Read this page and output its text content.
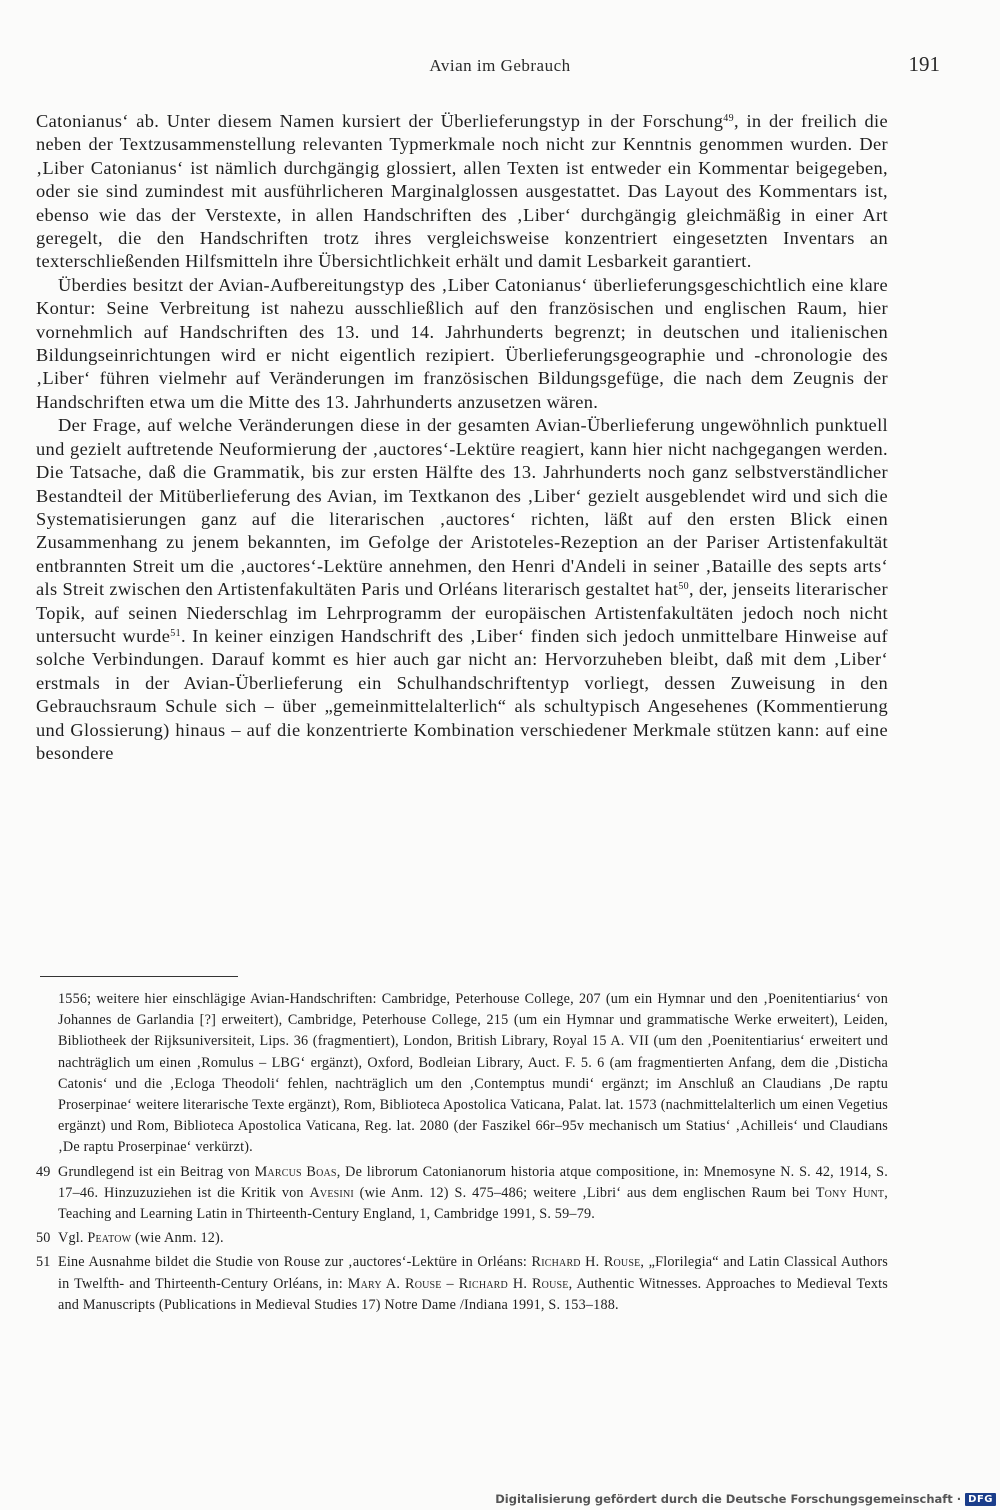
Avian im Gebrauch	191

Catonianus‘ ab. Unter diesem Namen kursiert der Überlieferungstyp in der Forschung$^{49}$, in der freilich die neben der Textzusammenstellung relevanten Typmerkmale noch nicht zur Kenntnis genommen wurden. Der ‚Liber Catonianus‘ ist nämlich durchgängig glossiert, allen Texten ist entweder ein Kommentar beigegeben, oder sie sind zumindest mit ausführlicheren Marginalglossen ausgestattet. Das Layout des Kommentars ist, ebenso wie das der Verstexte, in allen Handschriften des ‚Liber‘ durchgängig gleichmäßig in einer Art geregelt, die den Handschriften trotz ihres vergleichsweise konzentriert eingesetzten Inventars an texterschließenden Hilfsmitteln ihre Übersichtlichkeit erhält und damit Lesbarkeit garantiert.

Überdies besitzt der Avian-Aufbereitungstyp des ‚Liber Catonianus‘ überlieferungsgeschichtlich eine klare Kontur: Seine Verbreitung ist nahezu ausschließlich auf den französischen und englischen Raum, hier vornehmlich auf Handschriften des 13. und 14. Jahrhunderts begrenzt; in deutschen und italienischen Bildungseinrichtungen wird er nicht eigentlich rezipiert. Überlieferungsgeographie und -chronologie des ‚Liber‘ führen vielmehr auf Veränderungen im französischen Bildungsgefüge, die nach dem Zeugnis der Handschriften etwa um die Mitte des 13. Jahrhunderts anzusetzen wären.

Der Frage, auf welche Veränderungen diese in der gesamten Avian-Überlieferung ungewöhnlich punktuell und gezielt auftretende Neuformierung der ‚auctores‘-Lektüre reagiert, kann hier nicht nachgegangen werden. Die Tatsache, daß die Grammatik, bis zur ersten Hälfte des 13. Jahrhunderts noch ganz selbstverständlicher Bestandteil der Mitüberlieferung des Avian, im Textkanon des ‚Liber‘ gezielt ausgeblendet wird und sich die Systematisierungen ganz auf die literarischen ‚auctores‘ richten, läßt auf den ersten Blick einen Zusammenhang zu jenem bekannten, im Gefolge der Aristoteles-Rezeption an der Pariser Artistenfakultät entbrannten Streit um die ‚auctores‘-Lektüre annehmen, den Henri d'Andeli in seiner ‚Bataille des septs arts‘ als Streit zwischen den Artistenfakultäten Paris und Orléans literarisch gestaltet hat$^{50}$, der, jenseits literarischer Topik, auf seinen Niederschlag im Lehrprogramm der europäischen Artistenfakultäten jedoch noch nicht untersucht wurde$^{51}$. In keiner einzigen Handschrift des ‚Liber‘ finden sich jedoch unmittelbare Hinweise auf solche Verbindungen. Darauf kommt es hier auch gar nicht an: Hervorzuheben bleibt, daß mit dem ‚Liber‘ erstmals in der Avian-Überlieferung ein Schulhandschriftentyp vorliegt, dessen Zuweisung in den Gebrauchsraum Schule sich – über „gemeinmittelalterlich“ als schultypisch Angesehenes (Kommentierung und Glossierung) hinaus – auf die konzentrierte Kombination verschiedener Merkmale stützen kann: auf eine besondere

1556; weitere hier einschlägige Avian-Handschriften: Cambridge, Peterhouse College, 207 (um ein Hymnar und den ‚Poenitentiarius‘ von Johannes de Garlandia [?] erweitert), Cambridge, Peterhouse College, 215 (um ein Hymnar und grammatische Werke erweitert), Leiden, Bibliotheek der Rijksuniversiteit, Lips. 36 (fragmentiert), London, British Library, Royal 15 A. VII (um den ‚Poenitentiarius‘ erweitert und nachträglich um einen ‚Romulus – LBG‘ ergänzt), Oxford, Bodleian Library, Auct. F. 5. 6 (am fragmentierten Anfang, dem die ‚Disticha Catonis‘ und die ‚Ecloga Theodoli‘ fehlen, nachträglich um den ‚Contemptus mundi‘ ergänzt; im Anschluß an Claudians ‚De raptu Proserpinae‘ weitere literarische Texte ergänzt), Rom, Biblioteca Apostolica Vaticana, Palat. lat. 1573 (nachmittelalterlich um einen Vegetius ergänzt) und Rom, Biblioteca Apostolica Vaticana, Reg. lat. 2080 (der Faszikel 66r–95v mechanisch um Statius‘ ‚Achilleis‘ und Claudians ‚De raptu Proserpinae‘ verkürzt).

49 Grundlegend ist ein Beitrag von Marcus Boas, De librorum Catonianorum historia atque compositione, in: Mnemosyne N. S. 42, 1914, S. 17–46. Hinzuzuziehen ist die Kritik von Avesini (wie Anm. 12) S. 475–486; weitere ‚Libri‘ aus dem englischen Raum bei Tony Hunt, Teaching and Learning Latin in Thirteenth-Century England, 1, Cambridge 1991, S. 59–79.
50 Vgl. Peatow (wie Anm. 12).
51 Eine Ausnahme bildet die Studie von Rouse zur ‚auctores‘-Lektüre in Orléans: Richard H. Rouse, „Florilegia“ and Latin Classical Authors in Twelfth- and Thirteenth-Century Orléans, in: Mary A. Rouse – Richard H. Rouse, Authentic Witnesses. Approaches to Medieval Texts and Manuscripts (Publications in Medieval Studies 17) Notre Dame /Indiana 1991, S. 153–188.
Digitalisierung gefördert durch die Deutsche Forschungsgemeinschaft · DFG
